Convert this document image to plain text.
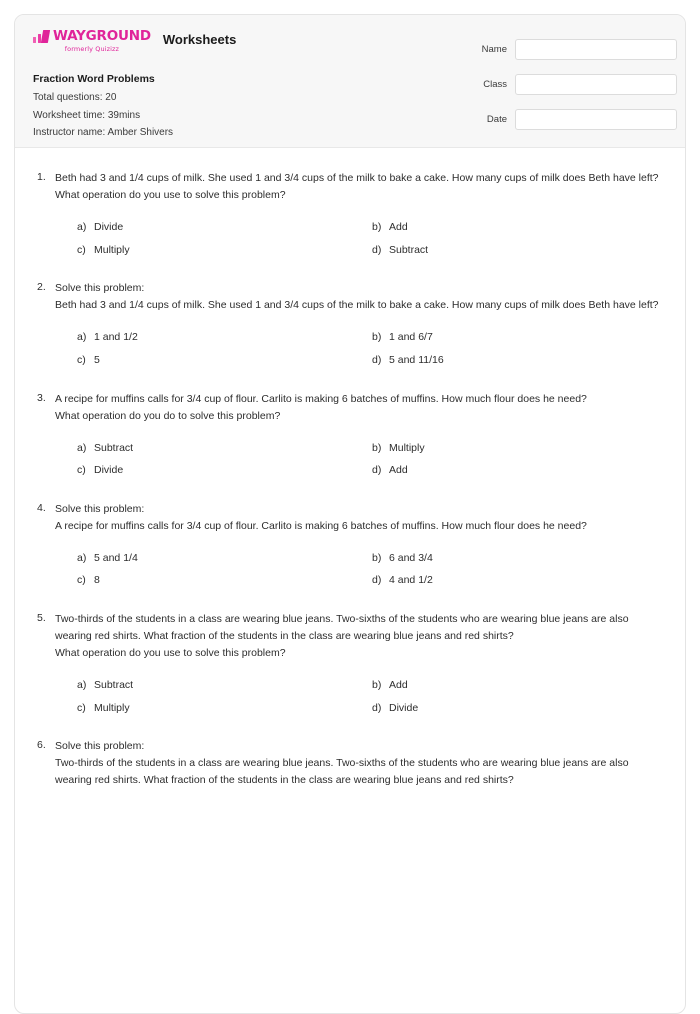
WAYGROUND
formerly Quizizz
Worksheets
Fraction Word Problems
Total questions: 20
Worksheet time: 39mins
Instructor name: Amber Shivers
Name
Class
Date
1. Beth had 3 and 1/4 cups of milk. She used 1 and 3/4 cups of the milk to bake a cake. How many cups of milk does Beth have left?

What operation do you use to solve this problem?

a) Divide	b) Add
c) Multiply	d) Subtract
2. Solve this problem:

Beth had 3 and 1/4 cups of milk. She used 1 and 3/4 cups of the milk to bake a cake. How many cups of milk does Beth have left?

a) 1 and 1/2	b) 1 and 6/7
c) 5	d) 5 and 11/16
3. A recipe for muffins calls for 3/4 cup of flour. Carlito is making 6 batches of muffins. How much flour does he need?

What operation do you do to solve this problem?

a) Subtract	b) Multiply
c) Divide	d) Add
4. Solve this problem:

A recipe for muffins calls for 3/4 cup of flour. Carlito is making 6 batches of muffins. How much flour does he need?

a) 5 and 1/4	b) 6 and 3/4
c) 8	d) 4 and 1/2
5. Two-thirds of the students in a class are wearing blue jeans. Two-sixths of the students who are wearing blue jeans are also wearing red shirts. What fraction of the students in the class are wearing blue jeans and red shirts?

What operation do you use to solve this problem?

a) Subtract	b) Add
c) Multiply	d) Divide
6. Solve this problem:

Two-thirds of the students in a class are wearing blue jeans. Two-sixths of the students who are wearing blue jeans are also wearing red shirts. What fraction of the students in the class are wearing blue jeans and red shirts?
